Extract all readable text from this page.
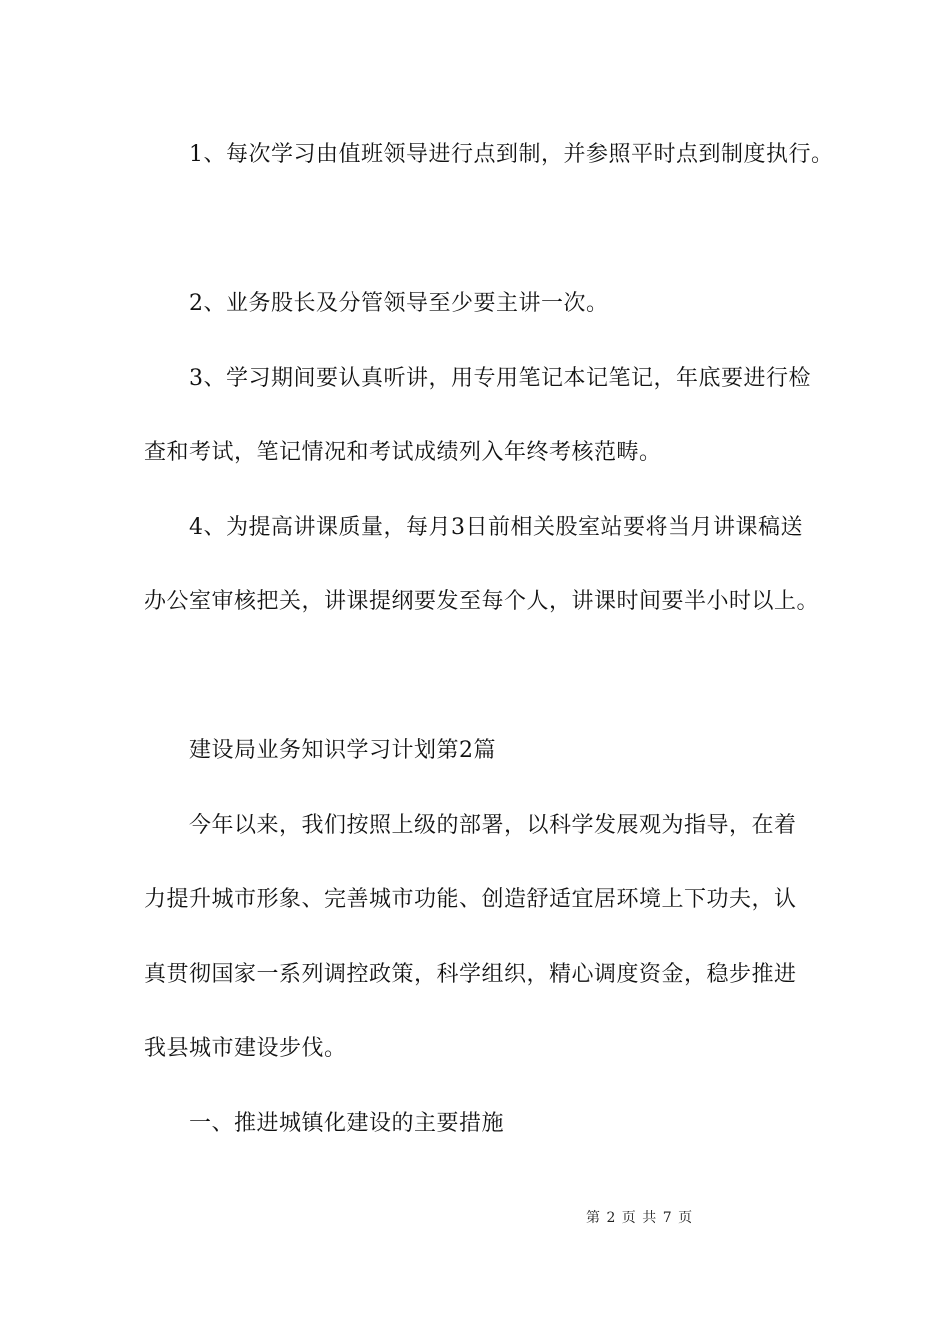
1、每次学习由值班领导进行点到制，并参照平时点到制度执行。
2、业务股长及分管领导至少要主讲一次。
3、学习期间要认真听讲，用专用笔记本记笔记，年底要进行检
查和考试，笔记情况和考试成绩列入年终考核范畴。
4、为提高讲课质量，每月3日前相关股室站要将当月讲课稿送
办公室审核把关，讲课提纲要发至每个人，讲课时间要半小时以上。
建设局业务知识学习计划第2篇
今年以来，我们按照上级的部署，以科学发展观为指导，在着
力提升城市形象、完善城市功能、创造舒适宜居环境上下功夫，认
真贯彻国家一系列调控政策，科学组织，精心调度资金，稳步推进
我县城市建设步伐。
一、推进城镇化建设的主要措施
第 2 页 共 7 页
